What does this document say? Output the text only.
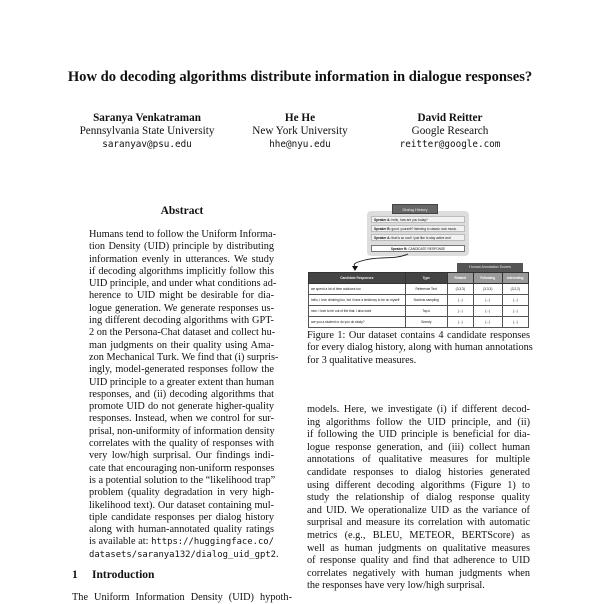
How do decoding algorithms distribute information in dialogue responses?
Saranya Venkatraman
Pennsylvania State University
saranyav@psu.edu
He He
New York University
hhe@nyu.edu
David Reitter
Google Research
reitter@google.com
Abstract
Humans tend to follow the Uniform Informa-
tion Density (UID) principle by distributing
information evenly in utterances. We study
if decoding algorithms implicitly follow this
UID principle, and under what conditions ad-
herence to UID might be desirable for dia-
logue generation. We generate responses us-
ing different decoding algorithms with GPT-
2 on the Persona-Chat dataset and collect hu-
man judgments on their quality using Ama-
zon Mechanical Turk. We find that (i) surpris-
ingly, model-generated responses follow the
UID principle to a greater extent than human
responses, and (ii) decoding algorithms that
promote UID do not generate higher-quality
responses. Instead, when we control for sur-
prisal, non-uniformity of information density
correlates with the quality of responses with
very low/high surprisal. Our findings indi-
cate that encouraging non-uniform responses
is a potential solution to the “likelihood trap”
problem (quality degradation in very high-
likelihood text). Our dataset containing mul-
tiple candidate responses per dialog history
along with human-annotated quality ratings
is available at: https://huggingface.co/
datasets/saranya132/dialog_uid_gpt2.
1 Introduction
The Uniform Information Density (UID) hypoth-
Dialog History
Speaker A: hello, how are you today?
Speaker B: good. yourself? listening to classic rock music.
Speaker A: that is so cool! i just like to stay active and
Speaker B: CANDIDATE RESPONSE
Human Annotation Scores
Candidate Responses	Type	Related	Following	Interesting
we spend a lot of time outdoors too	Reference Text	(3,3,3)	(3,3,3)	(3,2,2)
hello, i love climbing too, but i have a tendency to be on myself	Nucleus sampling	(...)	(...)	(...)
nice. i love to be out of the that. i also work	Top-k	(...)	(...)	(...)
are you a student or do you do study?	Greedy	(...)	(...)	(...)
Figure 1: Our dataset contains 4 candidate responses
for every dialog history, along with human annotations
for 3 qualitative measures.
models. Here, we investigate (i) if different decod-
ing algorithms follow the UID principle, and (ii)
if following the UID principle is beneficial for dia-
logue response generation, and (iii) collect human
annotations of qualitative measures for multiple
candidate responses to dialog histories generated
using different decoding algorithms (Figure 1) to
study the relationship of dialog response quality
and UID. We operationalize UID as the variance of
surprisal and measure its correlation with automatic
metrics (e.g., BLEU, METEOR, BERTScore) as
well as human judgments on qualitative measures
of response quality and find that adherence to UID
correlates negatively with human judgments when
the responses have very low/high surprisal.
